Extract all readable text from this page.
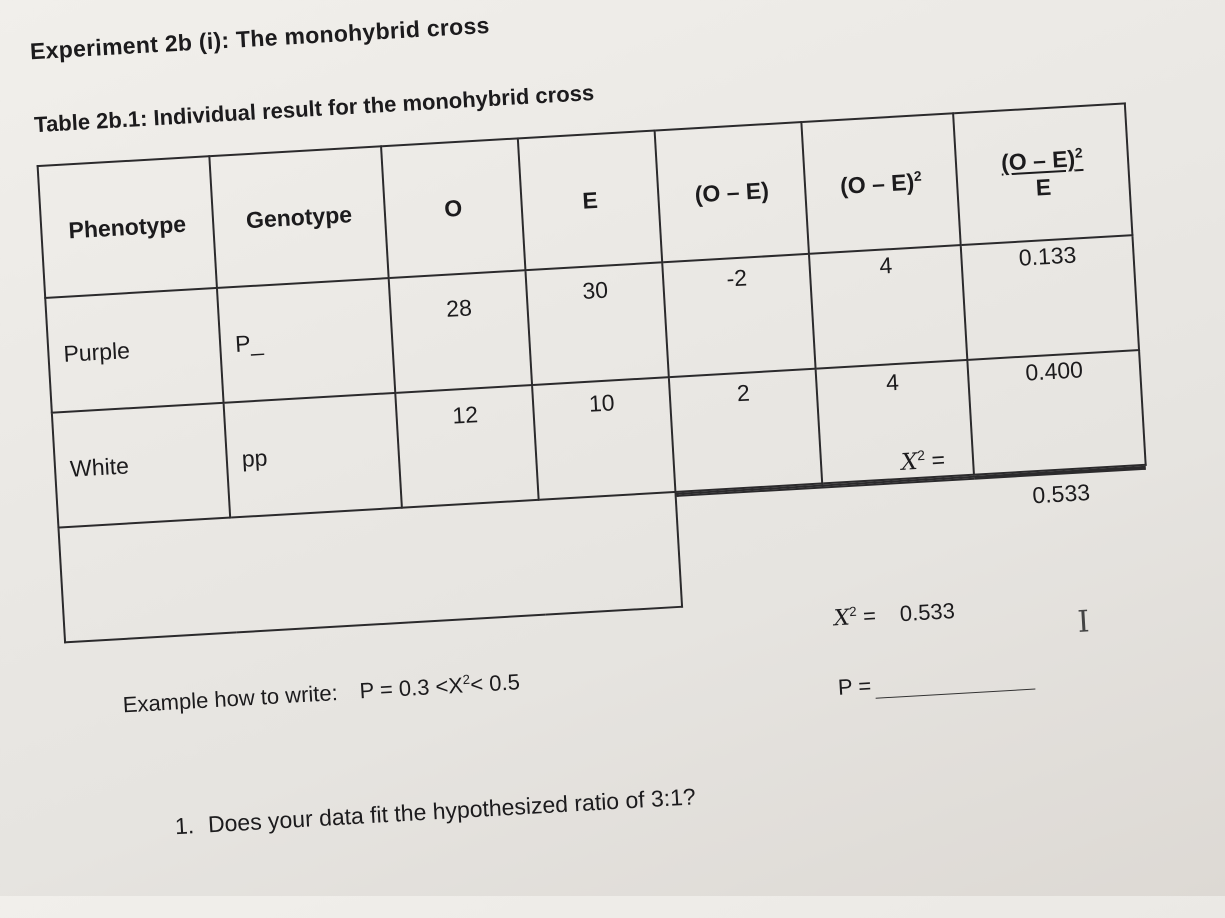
Experiment 2b (i): The monohybrid cross
Table 2b.1: Individual result for the monohybrid cross
Phenotype	Genotype	O	E	(O – E)	(O – E)$^2$	$\frac{(O - E)^2}{E}$
Purple	P_	28	30	-2	4	0.133

White	pp	12	10	2	4	0.400

				$X^2$ =		0.533
$X^2 = 0.533$
Example how to write: $P = 0.3 <X^2< 0.5$	P =
I
1. Does your data fit the hypothesized ratio of 3:1?
